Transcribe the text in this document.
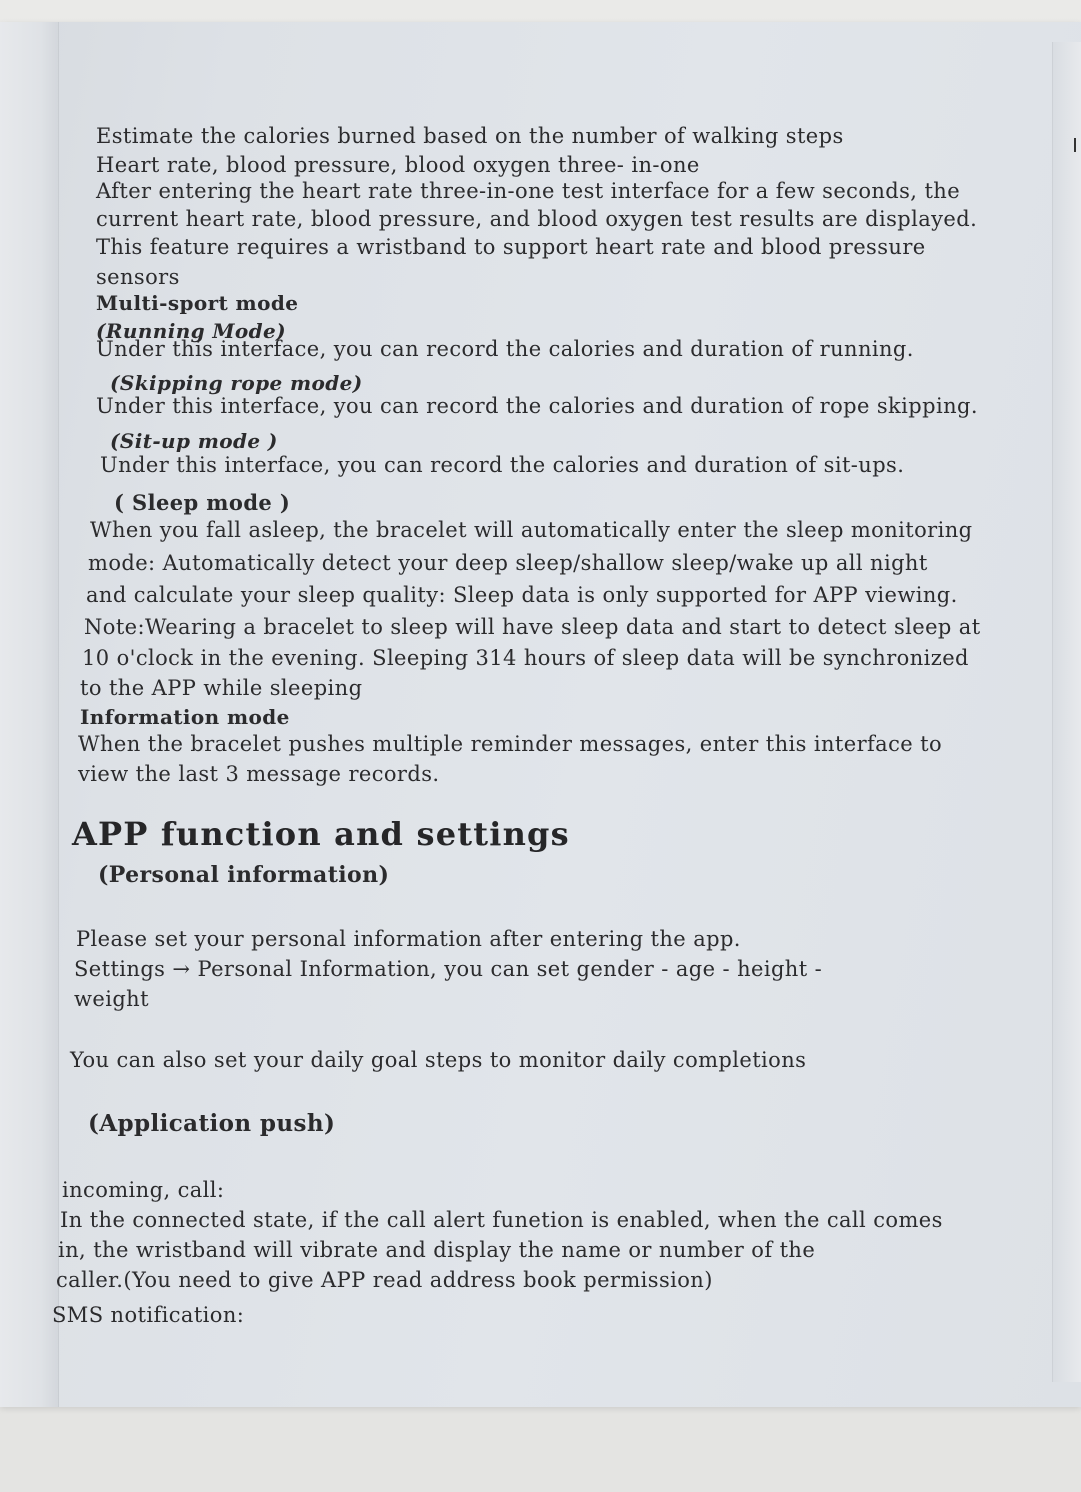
Estimate the calories burned based on the number of walking steps

Heart rate, blood pressure, blood oxygen three- in-one

After entering the heart rate three-in-one test interface for a few seconds, the

current heart rate, blood pressure, and blood oxygen test results are displayed.

This feature requires a wristband to support heart rate and blood pressure

sensors

Multi-sport mode

(Running Mode)

Under this interface, you can record the calories and duration of running.

(Skipping rope mode)

Under this interface, you can record the calories and duration of rope skipping.

(Sit-up mode )

Under this interface, you can record the calories and duration of sit-ups.

( Sleep mode )

When you fall asleep, the bracelet will automatically enter the sleep monitoring

mode: Automatically detect your deep sleep/shallow sleep/wake up all night

and calculate your sleep quality: Sleep data is only supported for APP viewing.

Note:Wearing a bracelet to sleep will have sleep data and start to detect sleep at

10 o'clock in the evening. Sleeping 314 hours of sleep data will be synchronized

to the APP while sleeping

Information mode

When the bracelet pushes multiple reminder messages, enter this interface to

view the last 3 message records.

APP function and settings

(Personal information)

Please set your personal information after entering the app.

Settings → Personal Information, you can set gender - age - height -

weight

You can also set your daily goal steps to monitor daily completions

(Application push)

incoming, call:

In the connected state, if the call alert funetion is enabled, when the call comes

in, the wristband will vibrate and display the name or number of the

caller.(You need to give APP read address book permission)

SMS notification:
